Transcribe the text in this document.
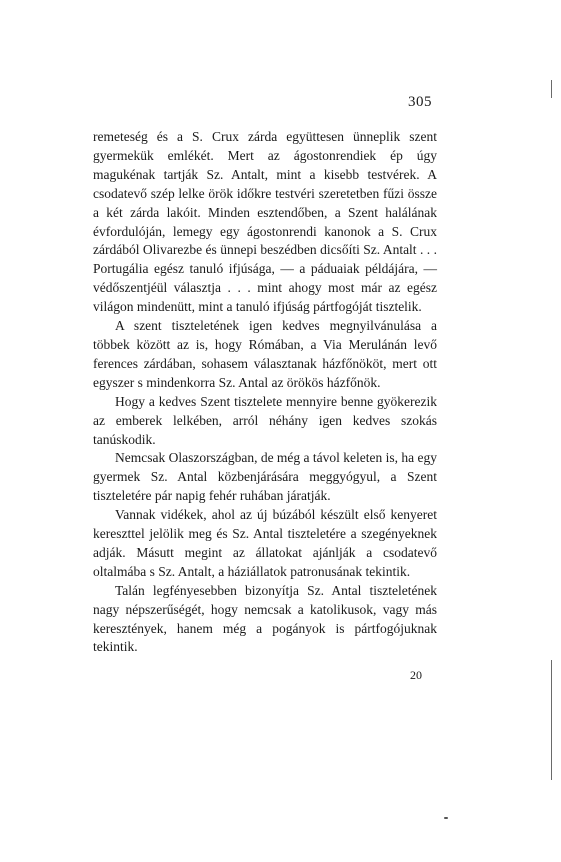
305

remeteség és a S. Crux zárda együttesen ünneplik szent gyermekük emlékét. Mert az ágostonrendiek ép úgy magukénak tartják Sz. Antalt, mint a kisebb testvérek. A csodatevő szép lelke örök időkre testvéri szeretetben fűzi össze a két zárda lakóit. Minden esztendőben, a Szent halálának évfordulóján, lemegy egy ágostonrendi kanonok a S. Crux zárdából Olivarezbe és ünnepi beszédben dicsőíti Sz. Antalt . . . Portugália egész tanuló ifjúsága, — a páduaiak példájára, — védőszentjéül választja . . . mint ahogy most már az egész világon mindenütt, mint a tanuló ifjúság pártfogóját tisztelik.

A szent tiszteletének igen kedves megnyilvánulása a többek között az is, hogy Rómában, a Via Merulánán levő ferences zárdában, sohasem választanak házfőnököt, mert ott egyszer s mindenkorra Sz. Antal az örökös házfőnök.

Hogy a kedves Szent tisztelete mennyire benne gyökerezik az emberek lelkében, arról néhány igen kedves szokás tanúskodik.

Nemcsak Olaszországban, de még a távol keleten is, ha egy gyermek Sz. Antal közbenjárására meggyógyul, a Szent tiszteletére pár napig fehér ruhában járatják.

Vannak vidékek, ahol az új búzából készült első kenyeret kereszttel jelölik meg és Sz. Antal tiszteletére a szegényeknek adják. Másutt megint az állatokat ajánlják a csodatevő oltalmába s Sz. Antalt, a háziállatok patronusának tekintik.

Talán legfényesebben bizonyítja Sz. Antal tiszteletének nagy népszerűségét, hogy nemcsak a katolikusok, vagy más keresztények, hanem még a pogányok is pártfogójuknak tekintik.

20
